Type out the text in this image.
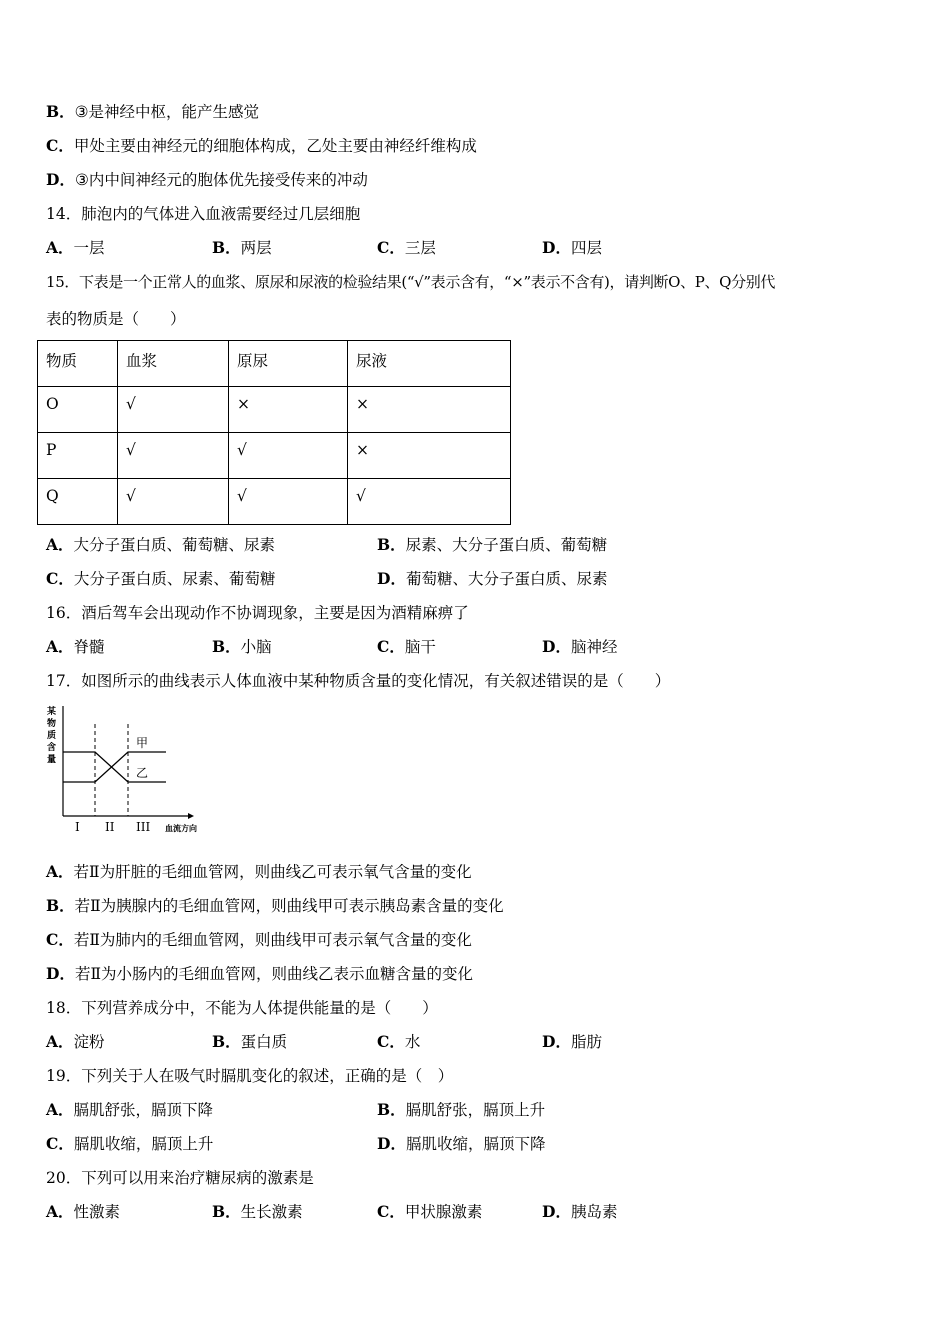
B．③是神经中枢，能产生感觉
C．甲处主要由神经元的细胞体构成，乙处主要由神经纤维构成
D．③内中间神经元的胞体优先接受传来的冲动
14．肺泡内的气体进入血液需要经过几层细胞
A．一层	B．两层	C．三层	D．四层
15．下表是一个正常人的血浆、原尿和尿液的检验结果(“√”表示含有，“×”表示不含有)，请判断O、P、Q分别代
表的物质是（　　）
物质	血浆	原尿	尿液
O	√	×	×
P	√	√	×
Q	√	√	√
A．大分子蛋白质、葡萄糖、尿素	B．尿素、大分子蛋白质、葡萄糖
C．大分子蛋白质、尿素、葡萄糖	D．葡萄糖、大分子蛋白质、尿素
16．酒后驾车会出现动作不协调现象，主要是因为酒精麻痹了
A．脊髓	B．小脑	C．脑干	D．脑神经
17．如图所示的曲线表示人体血液中某种物质含量的变化情况，有关叙述错误的是（　　）
某
物
质
含
量
甲
乙
I II III 血流方向
A．若Ⅱ为肝脏的毛细血管网，则曲线乙可表示氧气含量的变化
B．若Ⅱ为胰腺内的毛细血管网，则曲线甲可表示胰岛素含量的变化
C．若Ⅱ为肺内的毛细血管网，则曲线甲可表示氧气含量的变化
D．若Ⅱ为小肠内的毛细血管网，则曲线乙表示血糖含量的变化
18．下列营养成分中，不能为人体提供能量的是（　　）
A．淀粉	B．蛋白质	C．水	D．脂肪
19．下列关于人在吸气时膈肌变化的叙述，正确的是（　）
A．膈肌舒张，膈顶下降	B．膈肌舒张，膈顶上升
C．膈肌收缩，膈顶上升	D．膈肌收缩，膈顶下降
20．下列可以用来治疗糖尿病的激素是
A．性激素	B．生长激素	C．甲状腺激素	D．胰岛素
